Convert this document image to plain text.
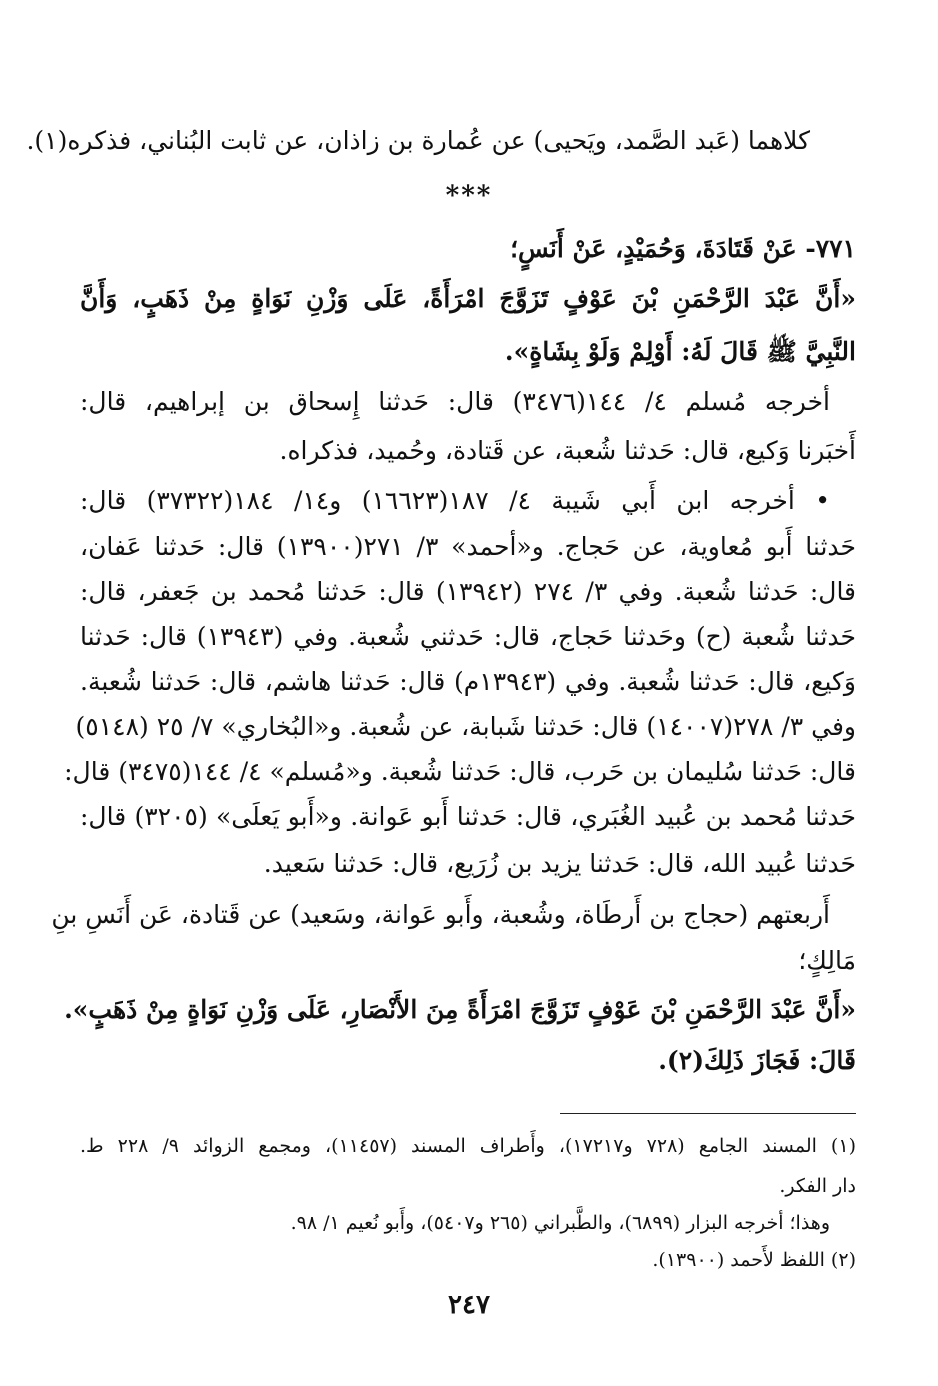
كلاهما (عَبد الصَّمد، ويَحيى) عن عُمارة بن زاذان، عن ثابت البُناني، فذكره(١).
***
٧٧١- عَنْ قَتَادَةَ، وَحُمَيْدٍ، عَنْ أَنَسٍ؛
«أَنَّ عَبْدَ الرَّحْمَنِ بْنَ عَوْفٍ تَزَوَّجَ امْرَأَةً، عَلَى وَزْنِ نَوَاةٍ مِنْ ذَهَبٍ، وَأَنَّ
النَّبِيَّ ﷺ قَالَ لَهُ: أَوْلِمْ وَلَوْ بِشَاةٍ».
أخرجه مُسلم ٤/ ١٤٤(٣٤٧٦) قال: حَدثنا إِسحاق بن إبراهيم، قال:
أَخبَرنا وَكيع، قال: حَدثنا شُعبة، عن قَتادة، وحُميد، فذكراه.
• أخرجه ابن أَبي شَيبة ٤/ ١٨٧(١٦٦٢٣) و١٤/ ١٨٤(٣٧٣٢٢) قال:
حَدثنا أَبو مُعاوية، عن حَجاج. و«أحمد» ٣/ ٢٧١(١٣٩٠٠) قال: حَدثنا عَفان،
قال: حَدثنا شُعبة. وفي ٣/ ٢٧٤ (١٣٩٤٢) قال: حَدثنا مُحمد بن جَعفر، قال:
حَدثنا شُعبة (ح) وحَدثنا حَجاج، قال: حَدثني شُعبة. وفي (١٣٩٤٣) قال: حَدثنا
وَكيع، قال: حَدثنا شُعبة. وفي (١٣٩٤٣م) قال: حَدثنا هاشم، قال: حَدثنا شُعبة.
وفي ٣/ ٢٧٨(١٤٠٠٧) قال: حَدثنا شَبابة، عن شُعبة. و«البُخاري» ٧/ ٢٥ (٥١٤٨)
قال: حَدثنا سُليمان بن حَرب، قال: حَدثنا شُعبة. و«مُسلم» ٤/ ١٤٤(٣٤٧٥) قال:
حَدثنا مُحمد بن عُبيد الغُبَري، قال: حَدثنا أَبو عَوانة. و«أَبو يَعلَى» (٣٢٠٥) قال:
حَدثنا عُبيد الله، قال: حَدثنا يزيد بن زُرَيع، قال: حَدثنا سَعيد.
أَربعتهم (حجاج بن أَرطَاة، وشُعبة، وأَبو عَوانة، وسَعيد) عن قَتادة، عَن أَنَسِ بنِ
مَالِكٍ؛
«أَنَّ عَبْدَ الرَّحْمَنِ بْنَ عَوْفٍ تَزَوَّجَ امْرَأَةً مِنَ الأَنْصَارِ، عَلَى وَزْنِ نَوَاةٍ مِنْ ذَهَبٍ».
قَالَ: فَجَازَ ذَلِكَ(٢).
(١) المسند الجامع (٧٢٨ و١٧٢١٧)، وأَطراف المسند (١١٤٥٧)، ومجمع الزوائد ٩/ ٢٢٨ ط.
دار الفكر.
وهذا؛ أخرجه البزار (٦٨٩٩)، والطَّبراني (٢٦٥ و٥٤٠٧)، وأَبو نُعيم ١/ ٩٨.
(٢) اللفظ لأَحمد (١٣٩٠٠).
٢٤٧
